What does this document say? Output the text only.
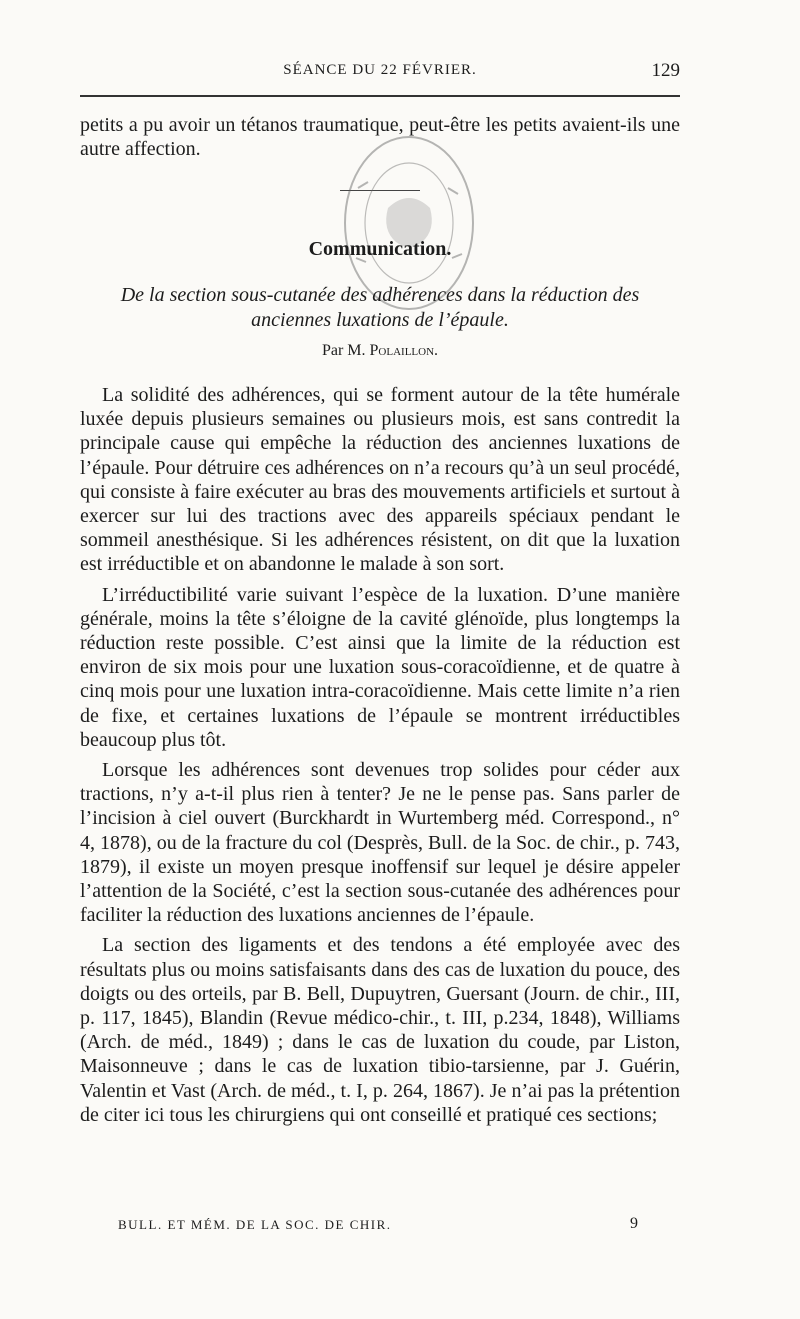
SÉANCE DU 22 FÉVRIER.	129

petits a pu avoir un tétanos traumatique, peut-être les petits avaient-ils une autre affection.

Communication.
De la section sous-cutanée des adhérences dans la réduction des
anciennes luxations de l’épaule.
Par M. Polaillon.

La solidité des adhérences, qui se forment autour de la tête humérale luxée depuis plusieurs semaines ou plusieurs mois, est sans contredit la principale cause qui empêche la réduction des anciennes luxations de l’épaule. Pour détruire ces adhérences on n’a recours qu’à un seul procédé, qui consiste à faire exécuter au bras des mouvements artificiels et surtout à exercer sur lui des tractions avec des appareils spéciaux pendant le sommeil anesthésique. Si les adhérences résistent, on dit que la luxation est irréductible et on abandonne le malade à son sort.

L’irréductibilité varie suivant l’espèce de la luxation. D’une manière générale, moins la tête s’éloigne de la cavité glénoïde, plus longtemps la réduction reste possible. C’est ainsi que la limite de la réduction est environ de six mois pour une luxation sous-coracoïdienne, et de quatre à cinq mois pour une luxation intra-coracoïdienne. Mais cette limite n’a rien de fixe, et certaines luxations de l’épaule se montrent irréductibles beaucoup plus tôt.

Lorsque les adhérences sont devenues trop solides pour céder aux tractions, n’y a-t-il plus rien à tenter? Je ne le pense pas. Sans parler de l’incision à ciel ouvert (Burckhardt in Wurtemberg méd. Correspond., n° 4, 1878), ou de la fracture du col (Desprès, Bull. de la Soc. de chir., p. 743, 1879), il existe un moyen presque inoffensif sur lequel je désire appeler l’attention de la Société, c’est la section sous-cutanée des adhérences pour faciliter la réduction des luxations anciennes de l’épaule.

La section des ligaments et des tendons a été employée avec des résultats plus ou moins satisfaisants dans des cas de luxation du pouce, des doigts ou des orteils, par B. Bell, Dupuytren, Guersant (Journ. de chir., III, p. 117, 1845), Blandin (Revue médico-chir., t. III, p.234, 1848), Williams (Arch. de méd., 1849) ; dans le cas de luxation du coude, par Liston, Maisonneuve ; dans le cas de luxation tibio-tarsienne, par J. Guérin, Valentin et Vast (Arch. de méd., t. I, p. 264, 1867). Je n’ai pas la prétention de citer ici tous les chirurgiens qui ont conseillé et pratiqué ces sections;

BULL. ET MÉM. DE LA SOC. DE CHIR.	9
